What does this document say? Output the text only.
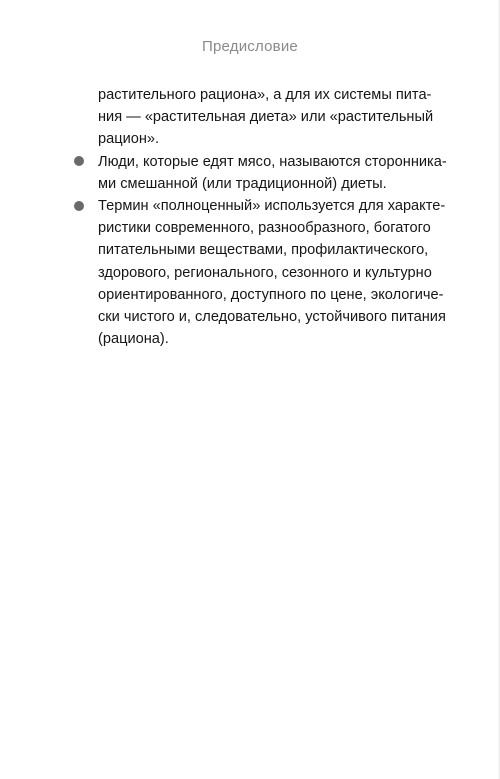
Предисловие
растительного рациона», а для их системы пита-
ния — «растительная диета» или «растительный
рацион».
Люди, которые едят мясо, называются сторонника-
ми смешанной (или традиционной) диеты.
Термин «полноценный» используется для характе-
ристики современного, разнообразного, богатого
питательными веществами, профилактического,
здорового, регионального, сезонного и культурно
ориентированного, доступного по цене, экологиче-
ски чистого и, следовательно, устойчивого питания
(рациона).
